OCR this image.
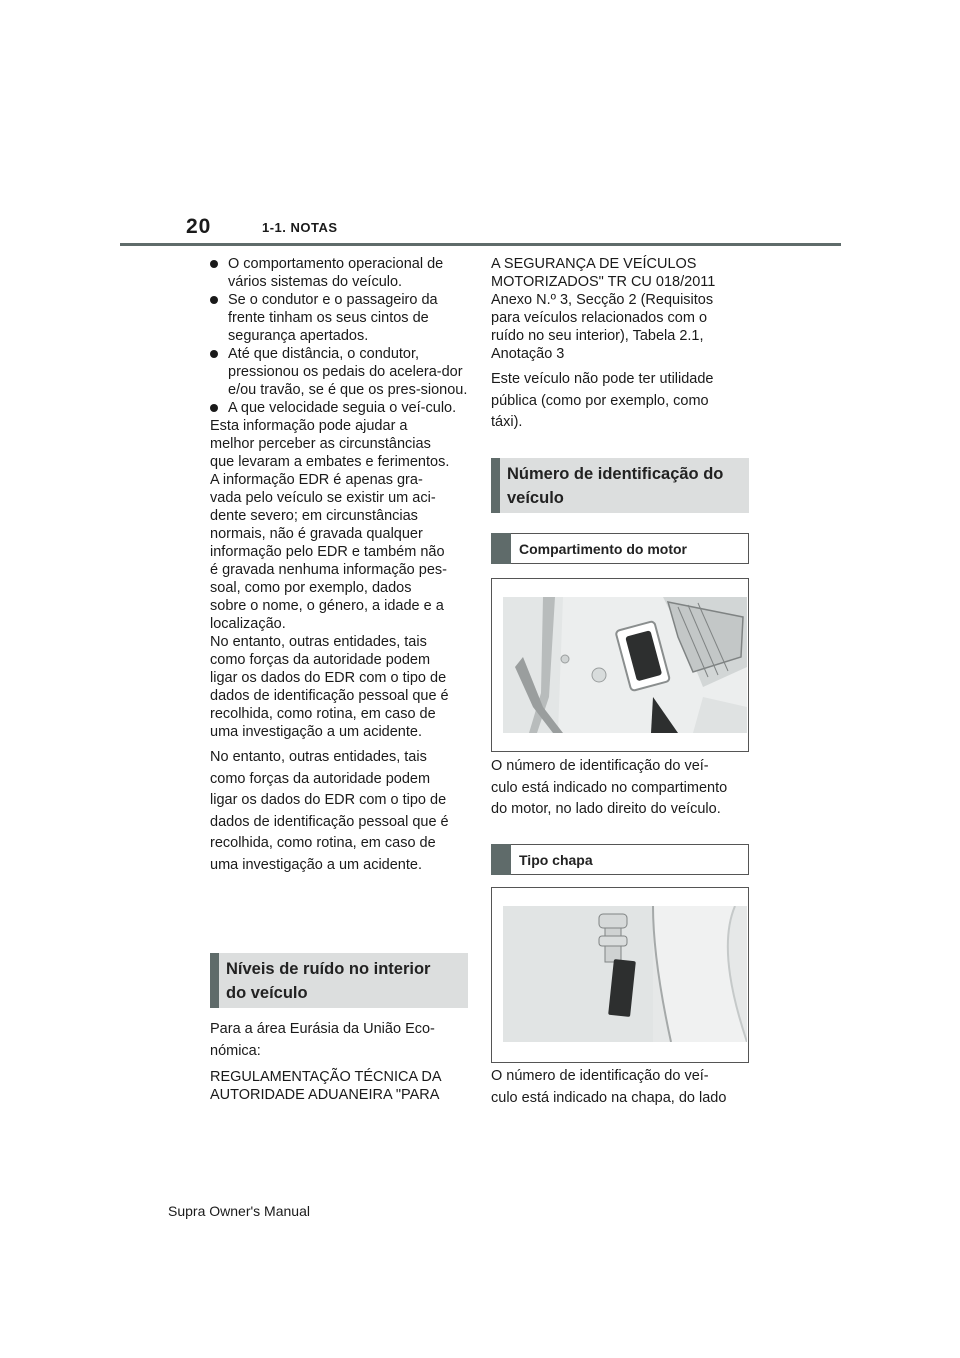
20	1-1. NOTAS
O comportamento operacional de vários sistemas do veículo.
Se o condutor e o passageiro da frente tinham os seus cintos de segurança apertados.
Até que distância, o condutor, pressionou os pedais do acelera-dor e/ou travão, se é que os pres-sionou.
A que velocidade seguia o veí-culo.

Esta informação pode ajudar a
melhor perceber as circunstâncias
que levaram a embates e ferimentos.
A informação EDR é apenas gra-
vada pelo veículo se existir um aci-
dente severo; em circunstâncias
normais, não é gravada qualquer
informação pelo EDR e também não
é gravada nenhuma informação pes-
soal, como por exemplo, dados
sobre o nome, o género, a idade e a
localização.
No entanto, outras entidades, tais
como forças da autoridade podem
ligar os dados do EDR com o tipo de
dados de identificação pessoal que é
recolhida, como rotina, em caso de
uma investigação a um acidente.

No entanto, outras entidades, tais
como forças da autoridade podem
ligar os dados do EDR com o tipo de
dados de identificação pessoal que é
recolhida, como rotina, em caso de
uma investigação a um acidente.

Níveis de ruído no interior
do veículo

Para a área Eurásia da União Eco-
nómica:

REGULAMENTAÇÃO TÉCNICA DA
AUTORIDADE ADUANEIRA "PARA

A SEGURANÇA DE VEÍCULOS
MOTORIZADOS" TR CU 018/2011
Anexo N.º 3, Secção 2 (Requisitos
para veículos relacionados com o
ruído no seu interior), Tabela 2.1,
Anotação 3

Este veículo não pode ter utilidade
pública (como por exemplo, como
táxi).

Número de identificação do
veículo
Compartimento do motor

O número de identificação do veí-
culo está indicado no compartimento
do motor, no lado direito do veículo.

Tipo chapa

O número de identificação do veí-
culo está indicado na chapa, do lado

Supra Owner's Manual
